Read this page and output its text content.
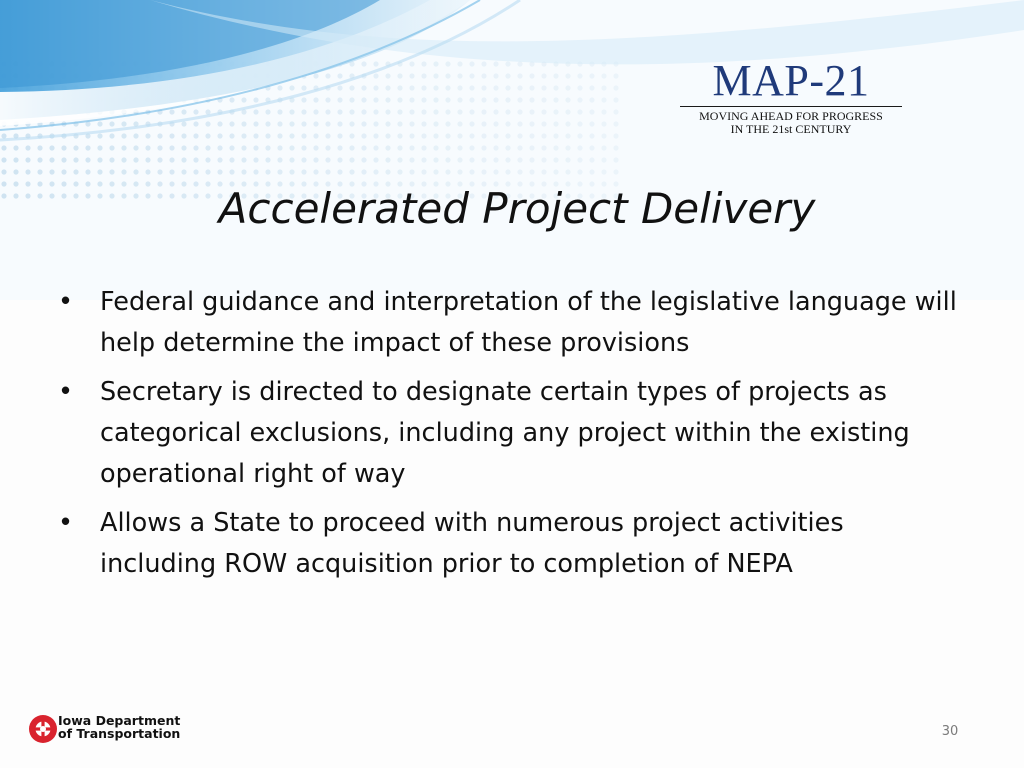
MAP-21
MOVING AHEAD FOR PROGRESS
IN THE 21st CENTURY
Accelerated Project Delivery
• Federal guidance and interpretation of the legislative language will help determine the impact of these provisions
• Secretary is directed to designate certain types of projects as categorical exclusions, including any project within the existing operational right of way
• Allows a State to proceed with numerous project activities including ROW acquisition prior to completion of NEPA
Iowa Department
of Transportation	30
